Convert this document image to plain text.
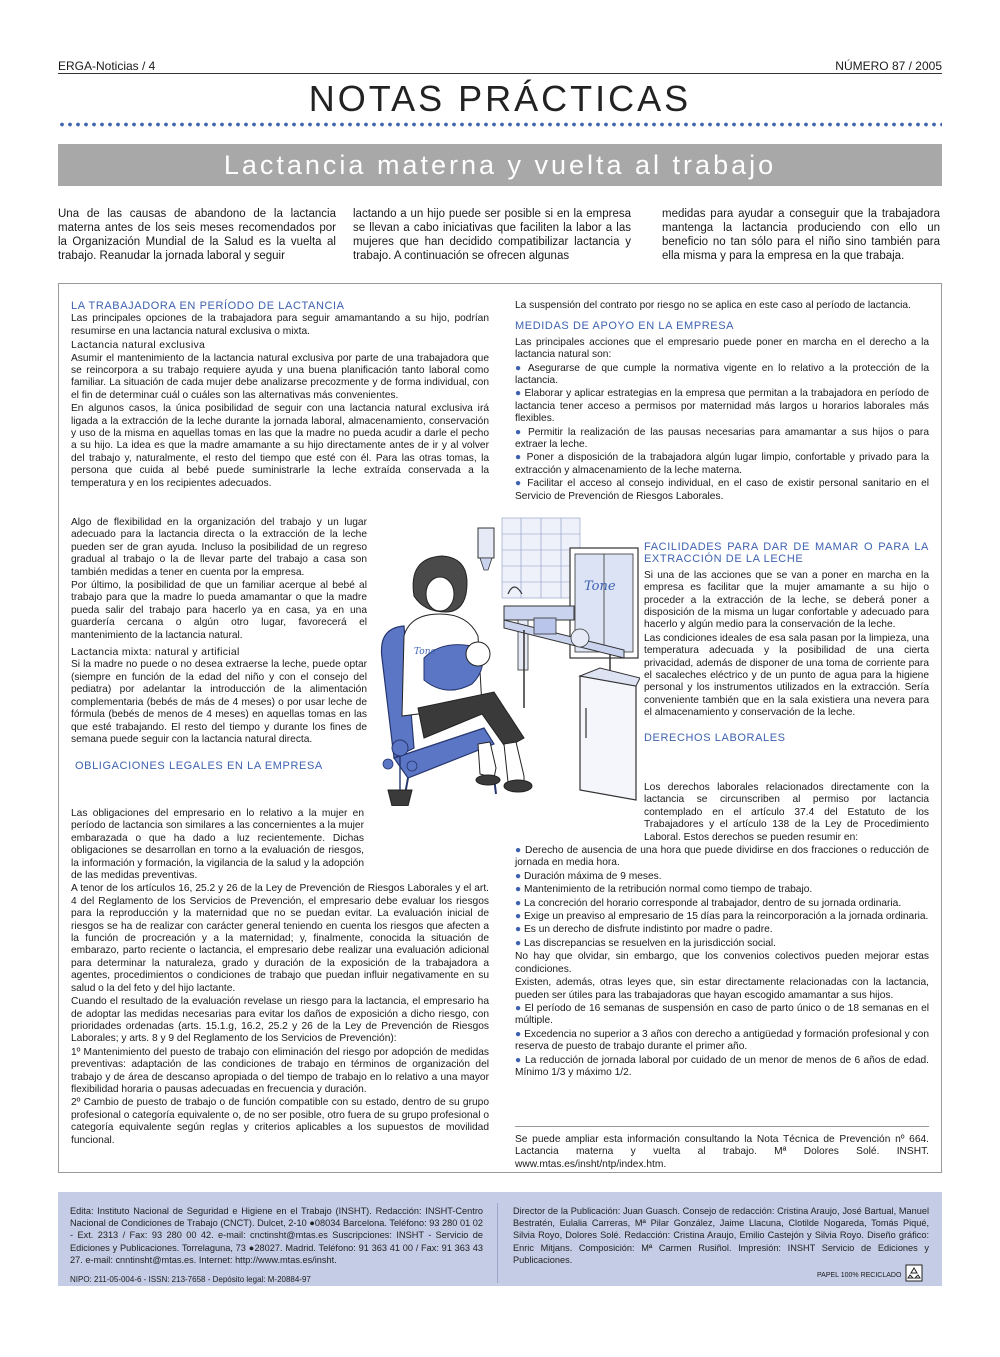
ERGA-Noticias / 4	NÚMERO 87 / 2005
NOTAS PRÁCTICAS
Lactancia materna y vuelta al trabajo
Una de las causas de abandono de la lactancia materna antes de los seis meses recomendados por la Organización Mundial de la Salud es la vuelta al trabajo. Reanudar la jornada laboral y seguir
lactando a un hijo puede ser posible si en la empresa se llevan a cabo iniciativas que faciliten la labor a las mujeres que han decidido compatibilizar lactancia y trabajo. A continuación se ofrecen algunas
medidas para ayudar a conseguir que la trabajadora mantenga la lactancia produciendo con ello un beneficio no tan sólo para el niño sino también para ella misma y para la empresa en la que trabaja.

LA TRABAJADORA EN PERÍODO DE LACTANCIA

Las principales opciones de la trabajadora para seguir amamantando a su hijo, podrían resumirse en una lactancia natural exclusiva o mixta.

Lactancia natural exclusiva

Asumir el mantenimiento de la lactancia natural exclusiva por parte de una trabajadora que se reincorpora a su trabajo requiere ayuda y una buena planificación tanto laboral como familiar. La situación de cada mujer debe analizarse precozmente y de forma individual, con el fin de determinar cuál o cuáles son las alternativas más convenientes.

En algunos casos, la única posibilidad de seguir con una lactancia natural exclusiva irá ligada a la extracción de la leche durante la jornada laboral, almacenamiento, conservación y uso de la misma en aquellas tomas en las que la madre no pueda acudir a darle el pecho a su hijo. La idea es que la madre amamante a su hijo directamente antes de ir y al volver del trabajo y, naturalmente, el resto del tiempo que esté con él. Para las otras tomas, la persona que cuida al bebé puede suministrarle la leche extraída conservada a la temperatura y en los recipientes adecuados.

Algo de flexibilidad en la organización del trabajo y un lugar adecuado para la lactancia directa o la extracción de la leche pueden ser de gran ayuda. Incluso la posibilidad de un regreso gradual al trabajo o la de llevar parte del trabajo a casa son también medidas a tener en cuenta por la empresa.

Por último, la posibilidad de que un familiar acerque al bebé al trabajo para que la madre lo pueda amamantar o que la madre pueda salir del trabajo para hacerlo ya en casa, ya en una guardería cercana o algún otro lugar, favorecerá el mantenimiento de la lactancia natural.

Lactancia mixta: natural y artificial

Si la madre no puede o no desea extraerse la leche, puede optar (siempre en función de la edad del niño y con el consejo del pediatra) por adelantar la introducción de la alimentación complementaria (bebés de más de 4 meses) o por usar leche de fórmula (bebés de menos de 4 meses) en aquellas tomas en las que esté trabajando. El resto del tiempo y durante los fines de semana puede seguir con la lactancia natural directa.

OBLIGACIONES LEGALES EN LA EMPRESA

Las obligaciones del empresario en lo relativo a la mujer en período de lactancia son similares a las concernientes a la mujer embarazada o que ha dado a luz recientemente. Dichas obligaciones se desarrollan en torno a la evaluación de riesgos, la información y formación, la vigilancia de la salud y la adopción de las medidas preventivas.

A tenor de los artículos 16, 25.2 y 26 de la Ley de Prevención de Riesgos Laborales y el art. 4 del Reglamento de los Servicios de Prevención, el empresario debe evaluar los riesgos para la reproducción y la maternidad que no se puedan evitar. La evaluación inicial de riesgos se ha de realizar con carácter general teniendo en cuenta los riesgos que afecten a la función de procreación y a la maternidad; y, finalmente, conocida la situación de embarazo, parto reciente o lactancia, el empresario debe realizar una evaluación adicional para determinar la naturaleza, grado y duración de la exposición de la trabajadora a agentes, procedimientos o condiciones de trabajo que puedan influir negativamente en su salud o la del feto y del hijo lactante.

Cuando el resultado de la evaluación revelase un riesgo para la lactancia, el empresario ha de adoptar las medidas necesarias para evitar los daños de exposición a dicho riesgo, con prioridades ordenadas (arts. 15.1.g, 16.2, 25.2 y 26 de la Ley de Prevención de Riesgos Laborales; y arts. 8 y 9 del Reglamento de los Servicios de Prevención):

1º Mantenimiento del puesto de trabajo con eliminación del riesgo por adopción de medidas preventivas: adaptación de las condiciones de trabajo en términos de organización del trabajo y de área de descanso apropiada o del tiempo de trabajo en lo relativo a una mayor flexibilidad horaria o pausas adecuadas en frecuencia y duración.

2º Cambio de puesto de trabajo o de función compatible con su estado, dentro de su grupo profesional o categoría equivalente o, de no ser posible, otro fuera de su grupo profesional o categoría equivalente según reglas y criterios aplicables a los supuestos de movilidad funcional.

La suspensión del contrato por riesgo no se aplica en este caso al período de lactancia.

MEDIDAS DE APOYO EN LA EMPRESA

Las principales acciones que el empresario puede poner en marcha en el derecho a la lactancia natural son:

● Asegurarse de que cumple la normativa vigente en lo relativo a la protección de la lactancia.

● Elaborar y aplicar estrategias en la empresa que permitan a la trabajadora en período de lactancia tener acceso a permisos por maternidad más largos u horarios laborales más flexibles.

● Permitir la realización de las pausas necesarias para amamantar a sus hijos o para extraer la leche.

● Poner a disposición de la trabajadora algún lugar limpio, confortable y privado para la extracción y almacenamiento de la leche materna.

● Facilitar el acceso al consejo individual, en el caso de existir personal sanitario en el Servicio de Prevención de Riesgos Laborales.

FACILIDADES PARA DAR DE MAMAR O PARA LA EXTRACCIÓN DE LA LECHE

Si una de las acciones que se van a poner en marcha en la empresa es facilitar que la mujer amamante a su hijo o proceder a la extracción de la leche, se deberá poner a disposición de la misma un lugar confortable y adecuado para hacerlo y algún medio para la conservación de la leche.

Las condiciones ideales de esa sala pasan por la limpieza, una temperatura adecuada y la posibilidad de una cierta privacidad, además de disponer de una toma de corriente para el sacaleches eléctrico y de un punto de agua para la higiene personal y los instrumentos utilizados en la extracción. Sería conveniente también que en la sala existiera una nevera para el almacenamiento y conservación de la leche.

DERECHOS LABORALES

Los derechos laborales relacionados directamente con la lactancia se circunscriben al permiso por lactancia contemplado en el artículo 37.4 del Estatuto de los Trabajadores y el artículo 138 de la Ley de Procedimiento Laboral. Estos derechos se pueden resumir en:

● Derecho de ausencia de una hora que puede dividirse en dos fracciones o reducción de jornada en media hora.

● Duración máxima de 9 meses.

● Mantenimiento de la retribución normal como tiempo de trabajo.

● La concreción del horario corresponde al trabajador, dentro de su jornada ordinaria.

● Exige un preaviso al empresario de 15 días para la reincorporación a la jornada ordinaria.

● Es un derecho de disfrute indistinto por madre o padre.

● Las discrepancias se resuelven en la jurisdicción social.

No hay que olvidar, sin embargo, que los convenios colectivos pueden mejorar estas condiciones.

Existen, además, otras leyes que, sin estar directamente relacionadas con la lactancia, pueden ser útiles para las trabajadoras que hayan escogido amamantar a sus hijos.

● El período de 16 semanas de suspensión en caso de parto único o de 18 semanas en el múltiple.

● Excedencia no superior a 3 años con derecho a antigüedad y formación profesional y con reserva de puesto de trabajo durante el primer año.

● La reducción de jornada laboral por cuidado de un menor de menos de 6 años de edad. Mínimo 1/3 y máximo 1/2.

Se puede ampliar esta información consultando la Nota Técnica de Prevención nº 664. Lactancia materna y vuelta al trabajo. Mª Dolores Solé. INSHT. www.mtas.es/insht/ntp/index.htm.
Tone
Tone
Edita: Instituto Nacional de Seguridad e Higiene en el Trabajo (INSHT). Redacción: INSHT-Centro Nacional de Condiciones de Trabajo (CNCT). Dulcet, 2-10 ●08034 Barcelona. Teléfono: 93 280 01 02 - Ext. 2313 / Fax: 93 280 00 42. e-mail: cnctinsht@mtas.es Suscripciones: INSHT - Servicio de Ediciones y Publicaciones. Torrelaguna, 73 ●28027. Madrid. Teléfono: 91 363 41 00 / Fax: 91 363 43 27. e-mail: cnntinsht@mtas.es. Internet: http://www.mtas.es/insht.
NIPO: 211-05-004-6 - ISSN: 213-7658 - Depósito legal: M-20884-97
Director de la Publicación: Juan Guasch. Consejo de redacción: Cristina Araujo, José Bartual, Manuel Bestratén, Eulalia Carreras, Mª Pilar González, Jaime Llacuna, Clotilde Nogareda, Tomás Piqué, Silvia Royo, Dolores Solé. Redacción: Cristina Araujo, Emilio Castejón y Silvia Royo. Diseño gráfico: Enric Mitjans. Composición: Mª Carmen Rusiñol. Impresión: INSHT Servicio de Ediciones y Publicaciones.
PAPEL 100% RECICLADO
